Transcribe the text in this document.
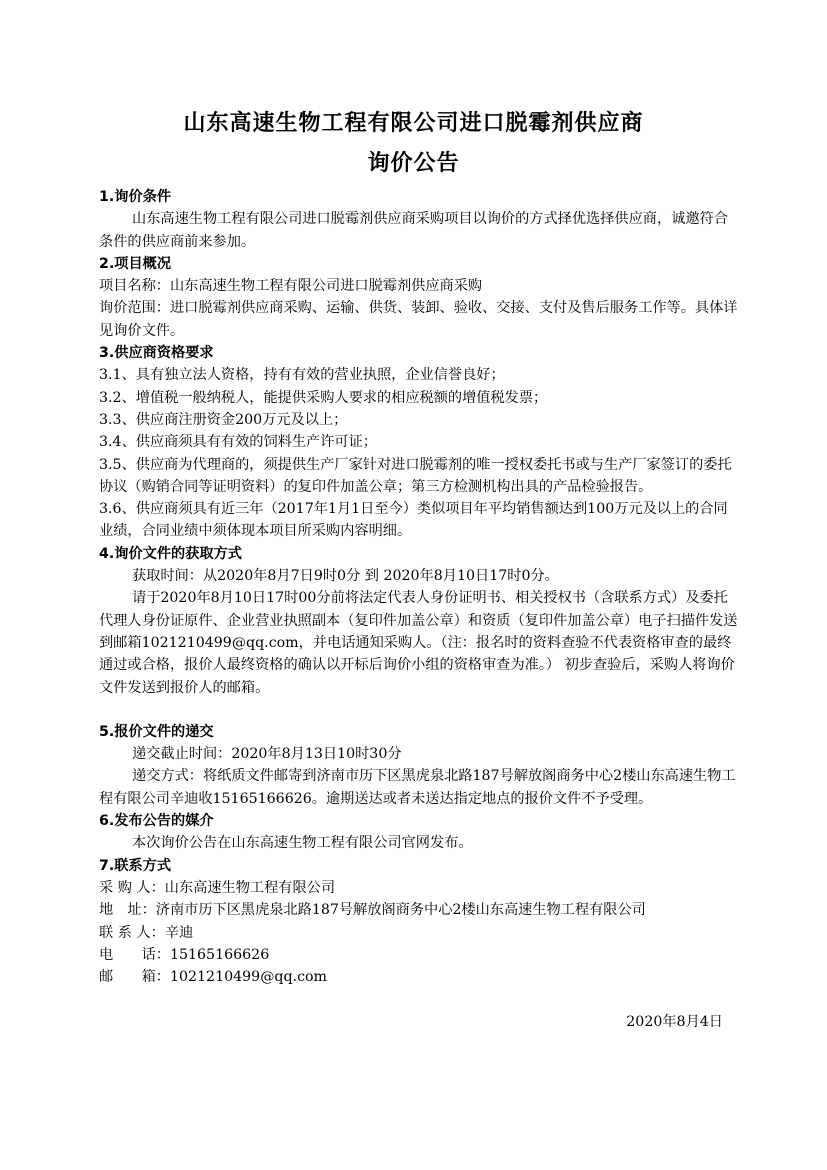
山东高速生物工程有限公司进口脱霉剂供应商
询价公告

1.询价条件

山东高速生物工程有限公司进口脱霉剂供应商采购项目以询价的方式择优选择供应商，诚邀符合条件的供应商前来参加。

2.项目概况

项目名称：山东高速生物工程有限公司进口脱霉剂供应商采购

询价范围：进口脱霉剂供应商采购、运输、供货、装卸、验收、交接、支付及售后服务工作等。具体详见询价文件。

3.供应商资格要求

3.1、具有独立法人资格，持有有效的营业执照，企业信誉良好；

3.2、增值税一般纳税人，能提供采购人要求的相应税额的增值税发票；

3.3、供应商注册资金200万元及以上；

3.4、供应商须具有有效的饲料生产许可证；

3.5、供应商为代理商的，须提供生产厂家针对进口脱霉剂的唯一授权委托书或与生产厂家签订的委托协议（购销合同等证明资料）的复印件加盖公章；第三方检测机构出具的产品检验报告。

3.6、供应商须具有近三年（2017年1月1日至今）类似项目年平均销售额达到100万元及以上的合同业绩，合同业绩中须体现本项目所采购内容明细。

4.询价文件的获取方式

获取时间：从2020年8月7日9时0分 到 2020年8月10日17时0分。

请于2020年8月10日17时00分前将法定代表人身份证明书、相关授权书（含联系方式）及委托代理人身份证原件、企业营业执照副本（复印件加盖公章）和资质（复印件加盖公章）电子扫描件发送到邮箱1021210499@qq.com，并电话通知采购人。（注：报名时的资料查验不代表资格审查的最终通过或合格，报价人最终资格的确认以开标后询价小组的资格审查为准。） 初步查验后，采购人将询价文件发送到报价人的邮箱。

5.报价文件的递交

递交截止时间：2020年8月13日10时30分

递交方式：将纸质文件邮寄到济南市历下区黑虎泉北路187号解放阁商务中心2楼山东高速生物工程有限公司辛迪收15165166626。逾期送达或者未送达指定地点的报价文件不予受理。

6.发布公告的媒介

本次询价公告在山东高速生物工程有限公司官网发布。

7.联系方式

采 购 人：山东高速生物工程有限公司

地　址：济南市历下区黑虎泉北路187号解放阁商务中心2楼山东高速生物工程有限公司

联 系 人：辛迪

电　　话：15165166626

邮　　箱：1021210499@qq.com

2020年8月4日
